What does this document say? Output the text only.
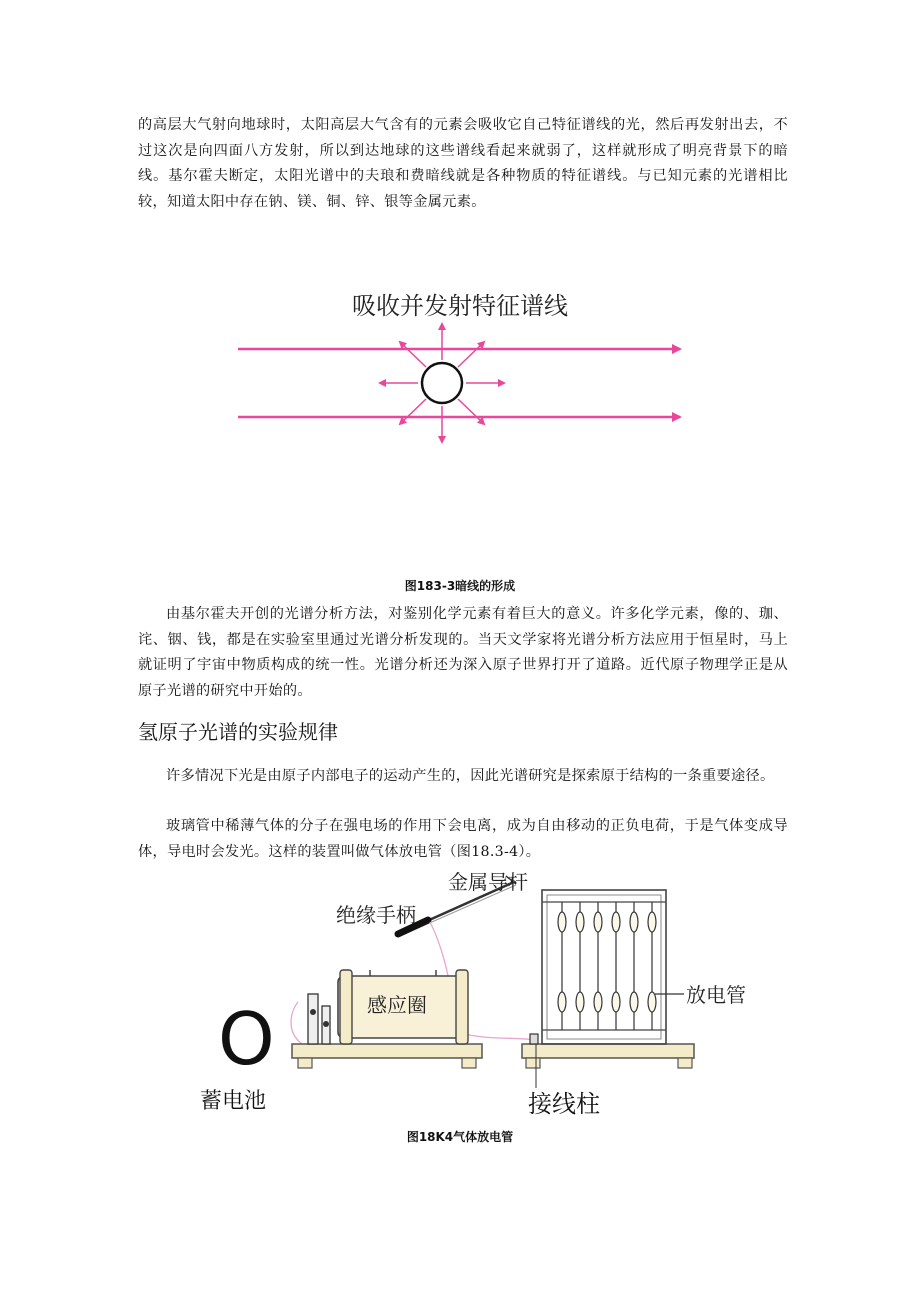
的高层大气射向地球时，太阳高层大气含有的元素会吸收它自己特征谱线的光，然后再发射出去，不过这次是向四面八方发射，所以到达地球的这些谱线看起来就弱了，这样就形成了明亮背景下的暗线。基尔霍夫断定，太阳光谱中的夫琅和费暗线就是各种物质的特征谱线。与已知元素的光谱相比较，知道太阳中存在钠、镁、铜、锌、银等金属元素。

吸收并发射特征谱线

图183-3暗线的形成

由基尔霍夫开创的光谱分析方法，对鉴别化学元素有着巨大的意义。许多化学元素，像的、珈、诧、铟、钱，都是在实验室里通过光谱分析发现的。当天文学家将光谱分析方法应用于恒星时，马上就证明了宇宙中物质构成的统一性。光谱分析还为深入原子世界打开了道路。近代原子物理学正是从原子光谱的研究中开始的。

氢原子光谱的实验规律

许多情况下光是由原子内部电子的运动产生的，因此光谱研究是探索原于结构的一条重要途径。

玻璃管中稀薄气体的分子在强电场的作用下会电离，成为自由移动的正负电荷，于是气体变成导体，导电时会发光。这样的装置叫做气体放电管（图18.3-4）。

金属导杆
绝缘手柄
感应圈	放电管
接线柱
O
蓄电池

图18K4气体放电管
